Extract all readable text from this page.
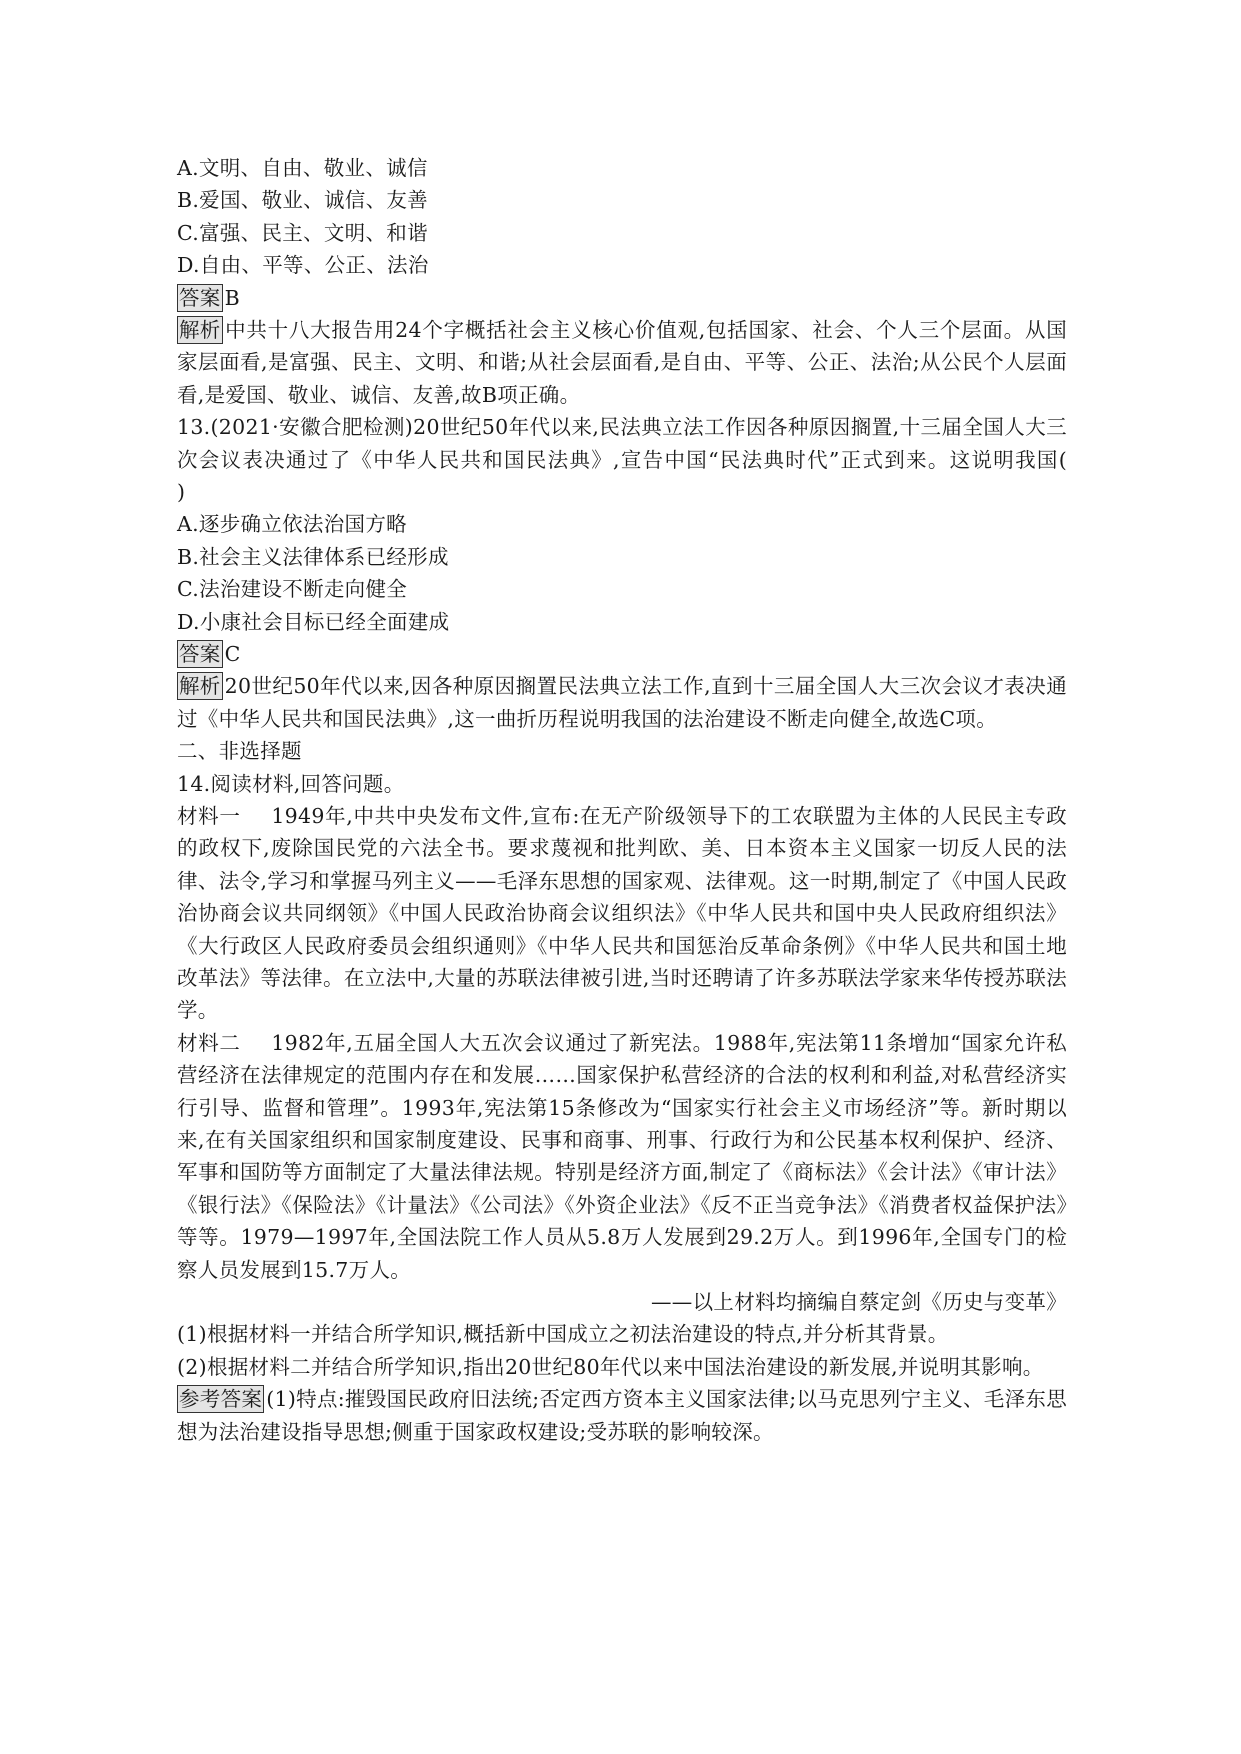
A.文明、自由、敬业、诚信
B.爱国、敬业、诚信、友善
C.富强、民主、文明、和谐
D.自由、平等、公正、法治
答案 B
解析 中共十八大报告用24个字概括社会主义核心价值观,包括国家、社会、个人三个层面。从国家层面看,是富强、民主、文明、和谐;从社会层面看,是自由、平等、公正、法治;从公民个人层面看,是爱国、敬业、诚信、友善,故B项正确。
13.(2021·安徽合肥检测)20世纪50年代以来,民法典立法工作因各种原因搁置,十三届全国人大三次会议表决通过了《中华人民共和国民法典》,宣告中国“民法典时代”正式到来。这说明我国(　　)
A.逐步确立依法治国方略
B.社会主义法律体系已经形成
C.法治建设不断走向健全
D.小康社会目标已经全面建成
答案 C
解析 20世纪50年代以来,因各种原因搁置民法典立法工作,直到十三届全国人大三次会议才表决通过《中华人民共和国民法典》,这一曲折历程说明我国的法治建设不断走向健全,故选C项。
二、非选择题
14.阅读材料,回答问题。
材料一 1949年,中共中央发布文件,宣布:在无产阶级领导下的工农联盟为主体的人民民主专政的政权下,废除国民党的六法全书。要求蔑视和批判欧、美、日本资本主义国家一切反人民的法律、法令,学习和掌握马列主义——毛泽东思想的国家观、法律观。这一时期,制定了《中国人民政治协商会议共同纲领》《中国人民政治协商会议组织法》《中华人民共和国中央人民政府组织法》《大行政区人民政府委员会组织通则》《中华人民共和国惩治反革命条例》《中华人民共和国土地改革法》等法律。在立法中,大量的苏联法律被引进,当时还聘请了许多苏联法学家来华传授苏联法学。
材料二 1982年,五届全国人大五次会议通过了新宪法。1988年,宪法第11条增加“国家允许私营经济在法律规定的范围内存在和发展……国家保护私营经济的合法的权利和利益,对私营经济实行引导、监督和管理”。1993年,宪法第15条修改为“国家实行社会主义市场经济”等。新时期以来,在有关国家组织和国家制度建设、民事和商事、刑事、行政行为和公民基本权利保护、经济、军事和国防等方面制定了大量法律法规。特别是经济方面,制定了《商标法》《会计法》《审计法》《银行法》《保险法》《计量法》《公司法》《外资企业法》《反不正当竞争法》《消费者权益保护法》等等。1979—1997年,全国法院工作人员从5.8万人发展到29.2万人。到1996年,全国专门的检察人员发展到15.7万人。
——以上材料均摘编自蔡定剑《历史与变革》
(1)根据材料一并结合所学知识,概括新中国成立之初法治建设的特点,并分析其背景。
(2)根据材料二并结合所学知识,指出20世纪80年代以来中国法治建设的新发展,并说明其影响。
参考答案 (1)特点:摧毁国民政府旧法统;否定西方资本主义国家法律;以马克思列宁主义、毛泽东思想为法治建设指导思想;侧重于国家政权建设;受苏联的影响较深。
